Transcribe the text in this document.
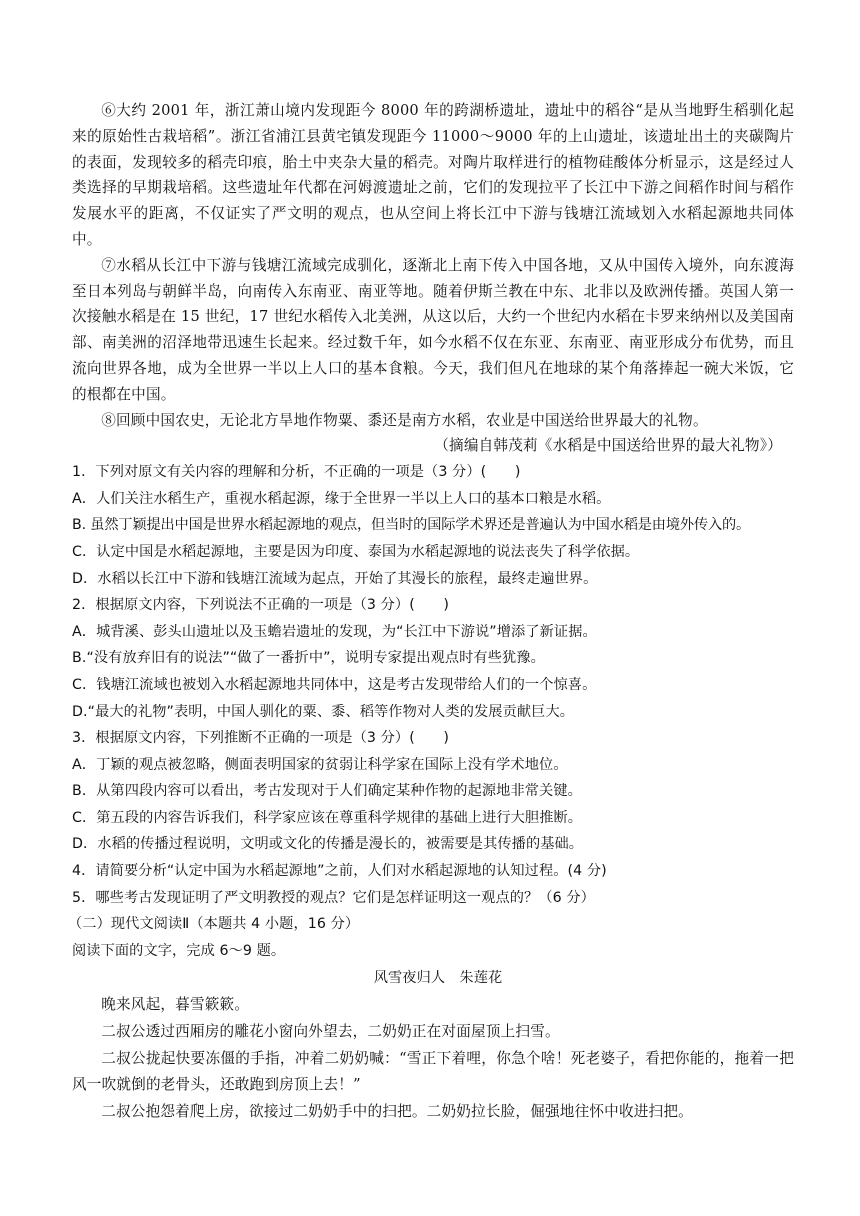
⑥大约 2001 年，浙江萧山境内发现距今 8000 年的跨湖桥遗址，遗址中的稻谷“是从当地野生稻驯化起来的原始性古栽培稻”。浙江省浦江县黄宅镇发现距今 11000～9000 年的上山遗址，该遗址出土的夹碳陶片的表面，发现较多的稻壳印痕，胎土中夹杂大量的稻壳。对陶片取样进行的植物硅酸体分析显示，这是经过人类选择的早期栽培稻。这些遗址年代都在河姆渡遗址之前，它们的发现拉平了长江中下游之间稻作时间与稻作发展水平的距离，不仅证实了严文明的观点，也从空间上将长江中下游与钱塘江流域划入水稻起源地共同体中。

⑦水稻从长江中下游与钱塘江流域完成驯化，逐渐北上南下传入中国各地，又从中国传入境外，向东渡海至日本列岛与朝鲜半岛，向南传入东南亚、南亚等地。随着伊斯兰教在中东、北非以及欧洲传播。英国人第一次接触水稻是在 15 世纪，17 世纪水稻传入北美洲，从这以后，大约一个世纪内水稻在卡罗来纳州以及美国南部、南美洲的沼泽地带迅速生长起来。经过数千年，如今水稻不仅在东亚、东南亚、南亚形成分布优势，而且流向世界各地，成为全世界一半以上人口的基本食粮。今天，我们但凡在地球的某个角落捧起一碗大米饭，它的根都在中国。

⑧回顾中国农史，无论北方旱地作物粟、黍还是南方水稻，农业是中国送给世界最大的礼物。

（摘编自韩茂莉《水稻是中国送给世界的最大礼物》）

1．下列对原文有关内容的理解和分析，不正确的一项是（3 分）(　　)

A．人们关注水稻生产，重视水稻起源，缘于全世界一半以上人口的基本口粮是水稻。

B. 虽然丁颖提出中国是世界水稻起源地的观点，但当时的国际学术界还是普遍认为中国水稻是由境外传入的。

C．认定中国是水稻起源地，主要是因为印度、泰国为水稻起源地的说法丧失了科学依据。

D．水稻以长江中下游和钱塘江流域为起点，开始了其漫长的旅程，最终走遍世界。

2．根据原文内容，下列说法不正确的一项是（3 分）(　　)

A．城背溪、彭头山遗址以及玉蟾岩遗址的发现，为“长江中下游说”增添了新证据。

B.“没有放弃旧有的说法”“做了一番折中”，说明专家提出观点时有些犹豫。

C．钱塘江流域也被划入水稻起源地共同体中，这是考古发现带给人们的一个惊喜。

D.“最大的礼物”表明，中国人驯化的粟、黍、稻等作物对人类的发展贡献巨大。

3．根据原文内容，下列推断不正确的一项是（3 分）(　　)

A．丁颖的观点被忽略，侧面表明国家的贫弱让科学家在国际上没有学术地位。

B．从第四段内容可以看出，考古发现对于人们确定某种作物的起源地非常关键。

C．第五段的内容告诉我们，科学家应该在尊重科学规律的基础上进行大胆推断。

D．水稻的传播过程说明，文明或文化的传播是漫长的，被需要是其传播的基础。

4．请简要分析“认定中国为水稻起源地”之前，人们对水稻起源地的认知过程。(4 分)

5．哪些考古发现证明了严文明教授的观点？它们是怎样证明这一观点的？（6 分）

（二）现代文阅读Ⅱ（本题共 4 小题，16 分）

阅读下面的文字，完成 6～9 题。

风雪夜归人　朱莲花

晚来风起，暮雪簌簌。

二叔公透过西厢房的雕花小窗向外望去，二奶奶正在对面屋顶上扫雪。

二叔公拢起快要冻僵的手指，冲着二奶奶喊：“雪正下着哩，你急个啥！死老婆子，看把你能的，拖着一把风一吹就倒的老骨头，还敢跑到房顶上去！”

二叔公抱怨着爬上房，欲接过二奶奶手中的扫把。二奶奶拉长脸，倔强地往怀中收进扫把。
